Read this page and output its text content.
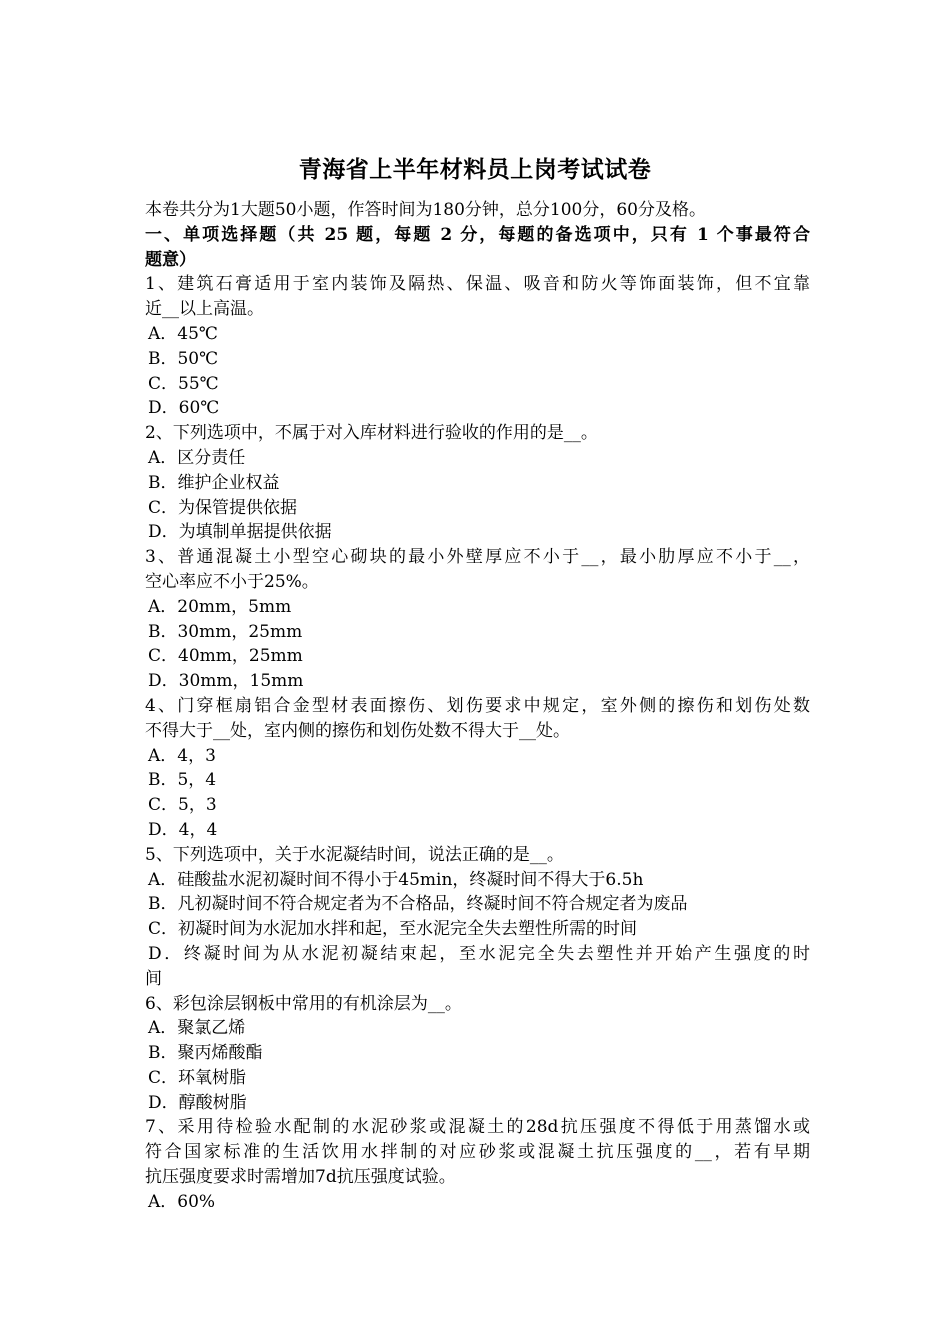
青海省上半年材料员上岗考试试卷
本卷共分为1大题50小题，作答时间为180分钟，总分100分，60分及格。
一、单项选择题（共 25 题，每题 2 分，每题的备选项中，只有 1 个事最符合
题意）
1、建筑石膏适用于室内装饰及隔热、保温、吸音和防火等饰面装饰，但不宜靠
近__以上高温。
A．45℃
B．50℃
C．55℃
D．60℃
2、下列选项中，不属于对入库材料进行验收的作用的是__。
A．区分责任
B．维护企业权益
C．为保管提供依据
D．为填制单据提供依据
3、普通混凝土小型空心砌块的最小外壁厚应不小于__，最小肋厚应不小于__，
空心率应不小于25%。
A．20mm，5mm
B．30mm，25mm
C．40mm，25mm
D．30mm，15mm
4、门穿框扇铝合金型材表面擦伤、划伤要求中规定，室外侧的擦伤和划伤处数
不得大于__处，室内侧的擦伤和划伤处数不得大于__处。
A．4，3
B．5，4
C．5，3
D．4，4
5、下列选项中，关于水泥凝结时间，说法正确的是__。
A．硅酸盐水泥初凝时间不得小于45min，终凝时间不得大于6.5h
B．凡初凝时间不符合规定者为不合格品，终凝时间不符合规定者为废品
C．初凝时间为水泥加水拌和起，至水泥完全失去塑性所需的时间
D．终凝时间为从水泥初凝结束起，至水泥完全失去塑性并开始产生强度的时
间
6、彩包涂层钢板中常用的有机涂层为__。
A．聚氯乙烯
B．聚丙烯酸酯
C．环氧树脂
D．醇酸树脂
7、采用待检验水配制的水泥砂浆或混凝土的28d抗压强度不得低于用蒸馏水或
符合国家标准的生活饮用水拌制的对应砂浆或混凝土抗压强度的__，若有早期
抗压强度要求时需增加7d抗压强度试验。
A．60%
